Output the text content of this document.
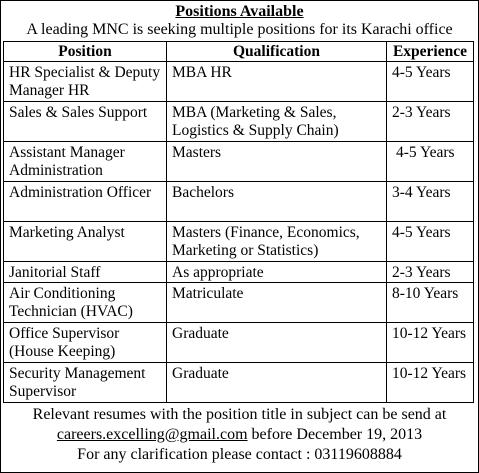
Positions Available
A leading MNC is seeking multiple positions for its Karachi office
Position	Qualification	Experience
HR Specialist & Deputy Manager HR	MBA HR	4-5 Years
Sales & Sales Support	MBA (Marketing & Sales, Logistics & Supply Chain)	2-3 Years
Assistant Manager Administration	Masters	4-5 Years
Administration Officer	Bachelors	3-4 Years
Marketing Analyst	Masters (Finance, Economics, Marketing or Statistics)	4-5 Years
Janitorial Staff	As appropriate	2-3 Years
Air Conditioning Technician (HVAC)	Matriculate	8-10 Years
Office Supervisor (House Keeping)	Graduate	10-12 Years
Security Management Supervisor	Graduate	10-12 Years
Relevant resumes with the position title in subject can be send at
careers.excelling@gmail.com before December 19, 2013
For any clarification please contact : 03119608884
